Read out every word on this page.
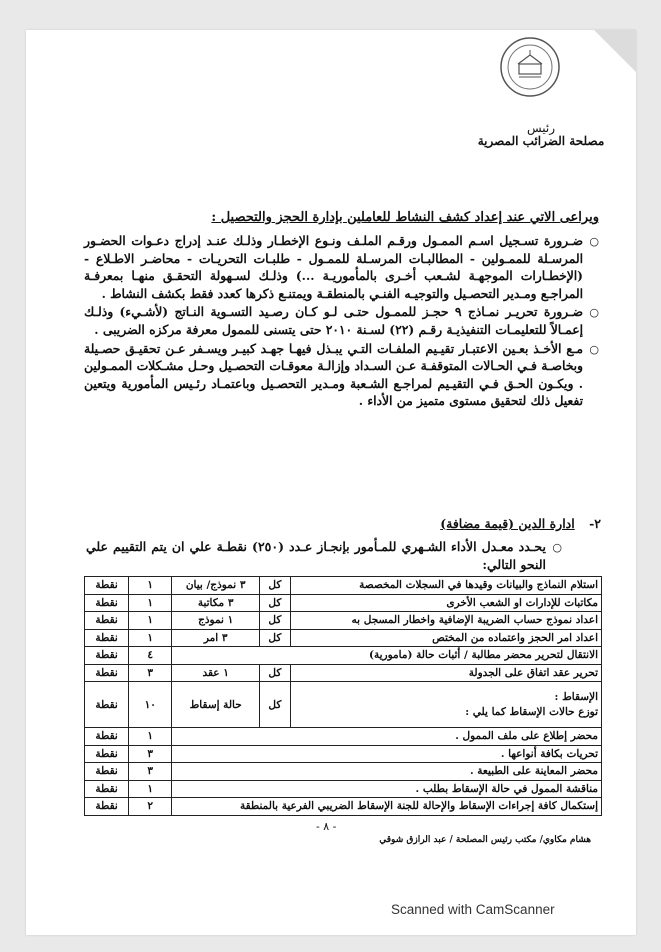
رئيس
مصلحة الضرائب المصرية
ويراعى الاتي عند إعداد كشف النشاط للعاملين بإدارة الحجز والتحصيل :
○
ضـرورة تسـجيل اسـم الممـول ورقـم الملـف ونـوع الإخطـار وذلـك عنـد إدراج دعـوات الحضـور المرسـلة للممـولين - المطالبـات المرسـلة للممـول - طلبـات التحريـات - محاضـر الاطـلاع - (الإخطـارات الموجهـة لشـعب أخـرى بالمأموريـة ...) وذلـك لسـهولة التحقـق منهـا بمعرفـة المراجـع ومـدير التحصـيل والتوجيـه الفنـي بالمنطقـة ويمتنـع ذكرها كعدد فقط بكشف النشاط .
○
ضـرورة تحريـر نمـاذج ٩ حجـز للممـول حتـى لـو كـان رصـيد التسـوية النـاتج (لأشـيء) وذلـك إعمـالاً للتعليمـات التنفيذيـة رقـم (٢٢) لسـنة ٢٠١٠ حتى يتسنى للممول معرفة مركزه الضريبى .
○
مـع الأخـذ بعـين الاعتبـار تقيـيم الملفـات التـي يبـذل فيهـا جهـد كبيـر ويسـفر عـن تحقيـق حصـيلة وبخاصـة فـي الحـالات المتوقفـة عـن السـداد وإزالـة معوقـات التحصـيل وحـل مشـكلات الممـولين . ويكـون الحـق فـي التقيـيم لمراجـع الشـعبة ومـدير التحصـيل وباعتمـاد رئـيس المأمورية ويتعين تفعيل ذلك لتحقيق مستوى متميز من الأداء .
٢- ادارة الدين (قيمة مضافة)
○
يحـدد معـدل الأداء الشـهري للمـأمور بإنجـاز عـدد (٢٥٠) نقطـة علي ان يتم التقييم علي النحو التالي:
استلام النماذج والبيانات وقيدها في السجلات المخصصة	كل	٣ نموذج/ بيان	١	نقطة
مكاتبات للإدارات او الشعب الأخرى	كل	٣ مكاتبة	١	نقطة
اعداد نموذج حساب الضريبة الإضافية واخطار المسجل به	كل	١ نموذج	١	نقطة
اعداد امر الحجز واعتماده من المختص	كل	٣ امر	١	نقطة
الانتقال لتحرير محضر مطالبة / أثبات حالة (مامورية)			٤	نقطة
تحرير عقد اتفاق على الجدولة	كل	١ عقد	٣	نقطة

الإسقاط :
توزع حالات الإسقاط كما يلي :	كل	حالة إسقاط	١٠	نقطة
محضر إطلاع على ملف الممول .			١	نقطة
تحريات بكافة أنواعها .			٣	نقطة
محضر المعاينة على الطبيعة .			٣	نقطة
مناقشة الممول في حالة الإسقاط بطلب .			١	نقطة
إستكمال كافة إجراءات الإسقاط والإحالة للجنة الإسقاط الضريبي الفرعية بالمنطقة			٢	نقطة
- ٨ -
هشام مكاوي/ مكتب رئيس المصلحة / عبد الرازق شوقي
Scanned with CamScanner
